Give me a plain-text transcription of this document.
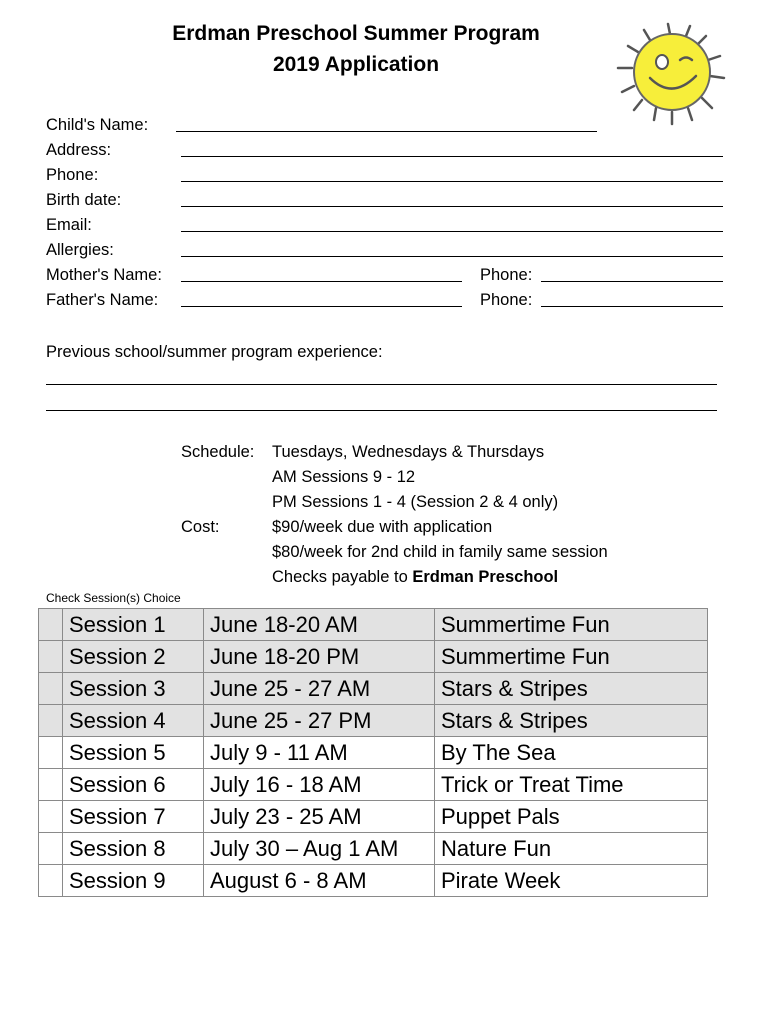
Erdman Preschool Summer Program
2019 Application
Child's Name:
Address:
Phone:
Birth date:
Email:
Allergies:
Mother's Name:	Phone:
Father's Name:	Phone:
Previous school/summer program experience:
Schedule: Tuesdays, Wednesdays & Thursdays
AM Sessions 9 - 12
PM Sessions 1 - 4 (Session 2 & 4 only)
Cost:	$90/week due with application
$80/week for 2nd child in family same session
Checks payable to Erdman Preschool
Check Session(s) Choice
	Session 1	June 18-20 AM	Summertime Fun
	Session 2	June 18-20 PM	Summertime Fun
	Session 3	June 25 - 27 AM	Stars & Stripes
	Session 4	June 25 - 27 PM	Stars & Stripes
	Session 5	July 9 - 11 AM	By The Sea
	Session 6	July 16 - 18 AM	Trick or Treat Time
	Session 7	July 23 - 25 AM	Puppet Pals
	Session 8	July 30 – Aug 1 AM	Nature Fun
	Session 9	August 6 - 8 AM	Pirate Week
